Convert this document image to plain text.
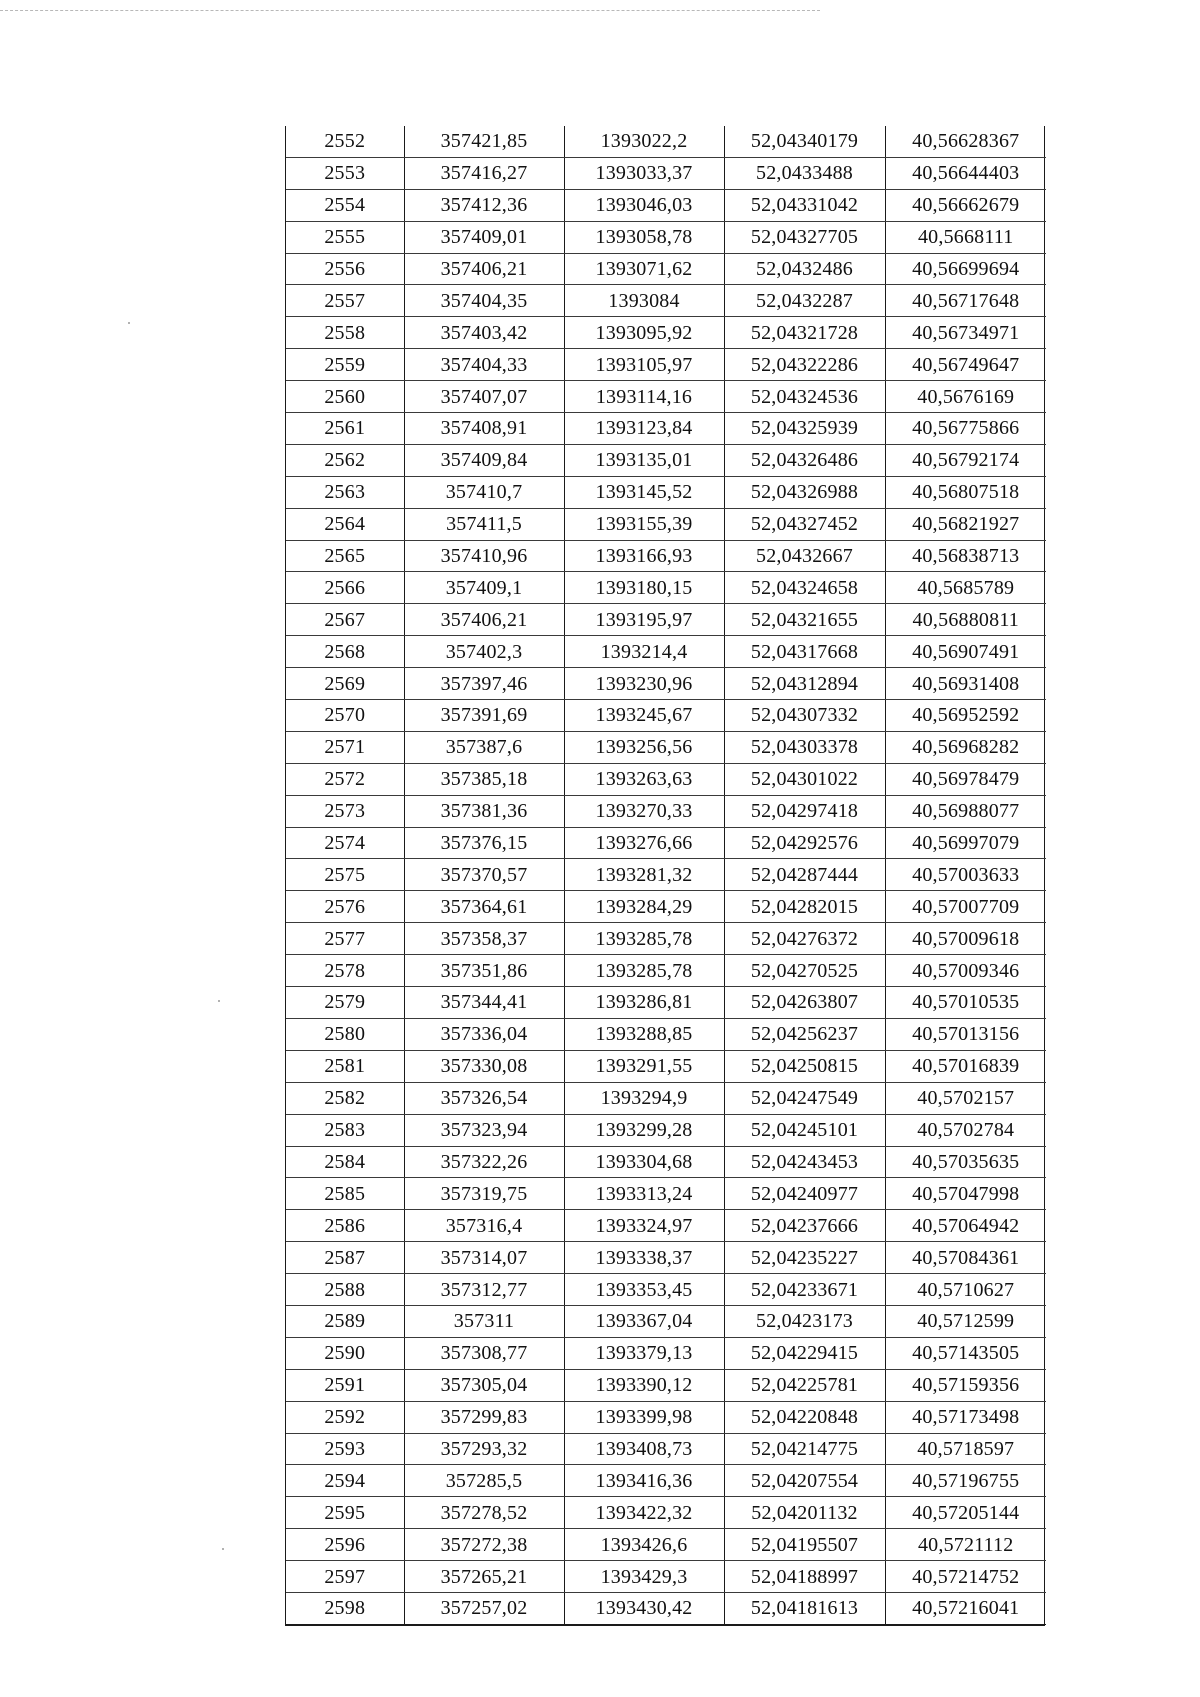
2552	357421,85	1393022,2	52,04340179	40,56628367
2553	357416,27	1393033,37	52,0433488	40,56644403
2554	357412,36	1393046,03	52,04331042	40,56662679
2555	357409,01	1393058,78	52,04327705	40,5668111
2556	357406,21	1393071,62	52,0432486	40,56699694
2557	357404,35	1393084	52,0432287	40,56717648
2558	357403,42	1393095,92	52,04321728	40,56734971
2559	357404,33	1393105,97	52,04322286	40,56749647
2560	357407,07	1393114,16	52,04324536	40,5676169
2561	357408,91	1393123,84	52,04325939	40,56775866
2562	357409,84	1393135,01	52,04326486	40,56792174
2563	357410,7	1393145,52	52,04326988	40,56807518
2564	357411,5	1393155,39	52,04327452	40,56821927
2565	357410,96	1393166,93	52,0432667	40,56838713
2566	357409,1	1393180,15	52,04324658	40,5685789
2567	357406,21	1393195,97	52,04321655	40,56880811
2568	357402,3	1393214,4	52,04317668	40,56907491
2569	357397,46	1393230,96	52,04312894	40,56931408
2570	357391,69	1393245,67	52,04307332	40,56952592
2571	357387,6	1393256,56	52,04303378	40,56968282
2572	357385,18	1393263,63	52,04301022	40,56978479
2573	357381,36	1393270,33	52,04297418	40,56988077
2574	357376,15	1393276,66	52,04292576	40,56997079
2575	357370,57	1393281,32	52,04287444	40,57003633
2576	357364,61	1393284,29	52,04282015	40,57007709
2577	357358,37	1393285,78	52,04276372	40,57009618
2578	357351,86	1393285,78	52,04270525	40,57009346
2579	357344,41	1393286,81	52,04263807	40,57010535
2580	357336,04	1393288,85	52,04256237	40,57013156
2581	357330,08	1393291,55	52,04250815	40,57016839
2582	357326,54	1393294,9	52,04247549	40,5702157
2583	357323,94	1393299,28	52,04245101	40,5702784
2584	357322,26	1393304,68	52,04243453	40,57035635
2585	357319,75	1393313,24	52,04240977	40,57047998
2586	357316,4	1393324,97	52,04237666	40,57064942
2587	357314,07	1393338,37	52,04235227	40,57084361
2588	357312,77	1393353,45	52,04233671	40,5710627
2589	357311	1393367,04	52,0423173	40,5712599
2590	357308,77	1393379,13	52,04229415	40,57143505
2591	357305,04	1393390,12	52,04225781	40,57159356
2592	357299,83	1393399,98	52,04220848	40,57173498
2593	357293,32	1393408,73	52,04214775	40,5718597
2594	357285,5	1393416,36	52,04207554	40,57196755
2595	357278,52	1393422,32	52,04201132	40,57205144
2596	357272,38	1393426,6	52,04195507	40,5721112
2597	357265,21	1393429,3	52,04188997	40,57214752
2598	357257,02	1393430,42	52,04181613	40,57216041
